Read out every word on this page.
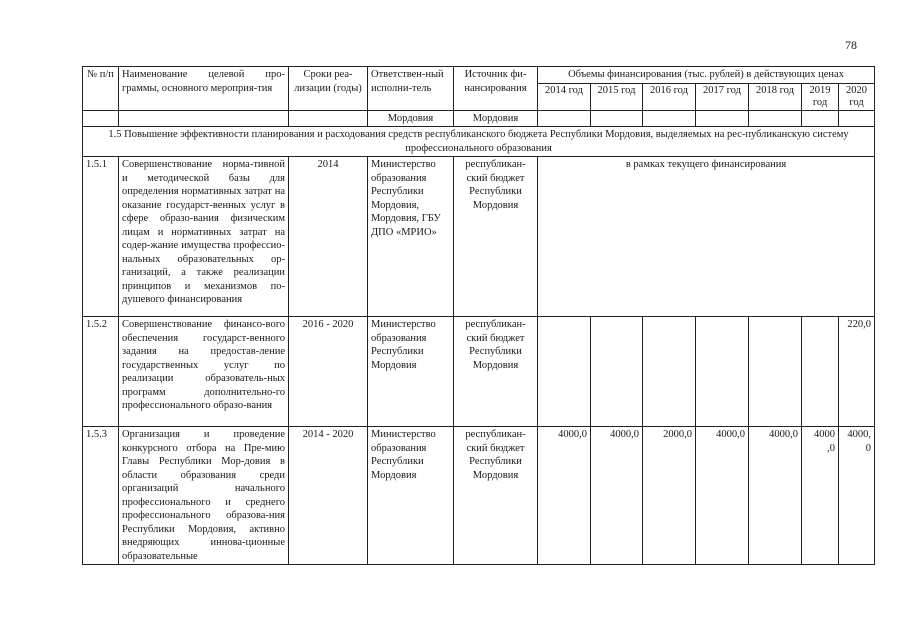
78
№ п/п	Наименование целевой про-граммы, основного мероприя-тия	Сроки реа-лизации (годы)	Ответствен-ный исполни-тель	Источник фи-нансирования	Объемы финансирования (тыс. рублей) в действующих ценах						
					2014 год	2015 год	2016 год	2017 год	2018 год	2019 год	2020 год
			Мордовия	Мордовия							
1.5 Повышение эффективности планирования и расходования средств республиканского бюджета Республики Мордовия, выделяемых на рес-публиканскую систему профессионального образования											
1.5.1	Совершенствование норма-тивной и методической базы для определения нормативных затрат на оказание государст-венных услуг в сфере образо-вания физическим лицам и нормативных затрат на содер-жание имущества профессио-нальных образовательных ор-ганизаций, а также реализации принципов и механизмов по-душевого финансирования	2014	Министерство образования Республики Мордовия, Мордовия, ГБУ ДПО «МРИО»	республикан-ский бюджет Республики Мордовия	в рамках текущего финансирования						
1.5.2	Совершенствование финансо-вого обеспечения государст-венного задания на предостав-ление государственных услуг по реализации образователь-ных программ дополнительно-го профессионального образо-вания	2016 - 2020	Министерство образования Республики Мордовия	республикан-ский бюджет Республики Мордовия							220,0
1.5.3	Организация и проведение конкурсного отбора на Пре-мию Главы Республики Мор-довия в области образования среди организаций начального профессионального и среднего профессионального образова-ния Республики Мордовия, активно внедряющих иннова-ционные образовательные	2014 - 2020	Министерство образования Республики Мордовия	республикан-ский бюджет Республики Мордовия	4000,0	4000,0	2000,0	4000,0	4000,0	4000 ,0	4000, 0
